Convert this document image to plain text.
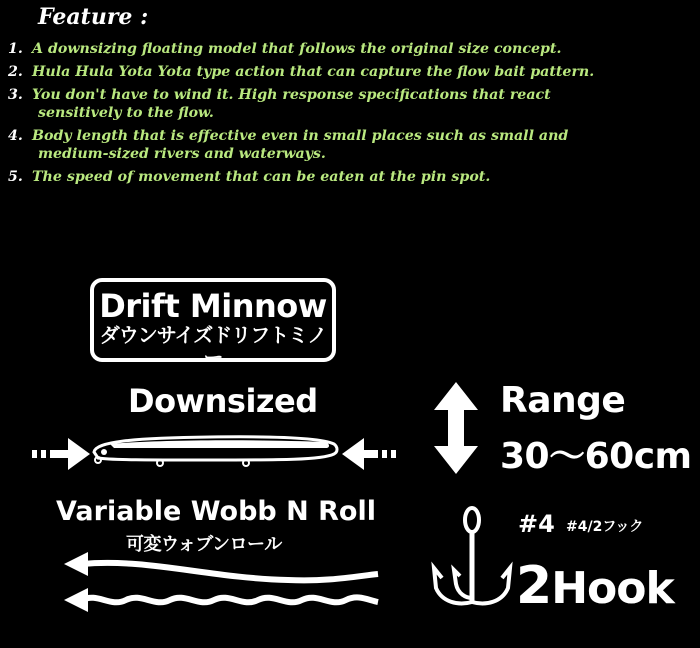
Feature :
1. A downsizing floating model that follows the original size concept.
2. Hula Hula Yota Yota type action that can capture the flow bait pattern.
3. You don't have to wind it. High response specifications that react
sensitively to the flow.
4. Body length that is effective even in small places such as small and
medium-sized rivers and waterways.
5. The speed of movement that can be eaten at the pin spot.
Drift Minnow
ダウンサイズドリフトミノー
Downsized	Range
30〜60cm
Variable Wobb N Roll
可変ウォブンロール
#4 #4/2フック
2Hook
